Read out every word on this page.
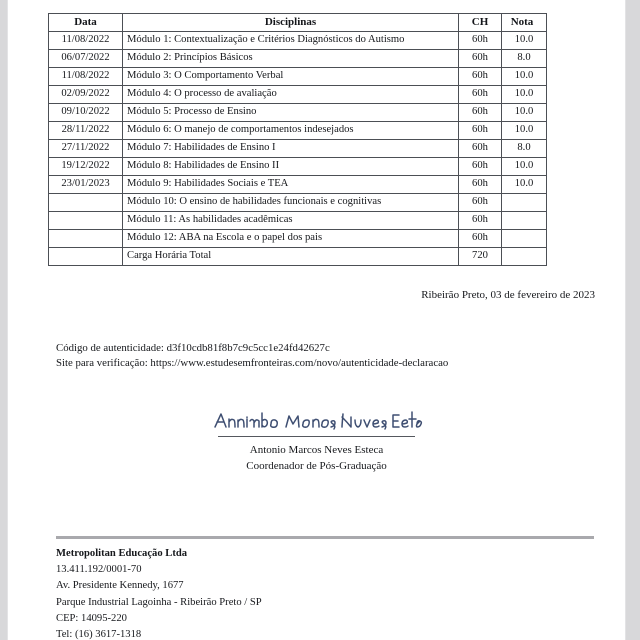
Data	Disciplinas	CH	Nota
11/08/2022	Módulo 1: Contextualização e Critérios Diagnósticos do Autismo	60h	10.0
06/07/2022	Módulo 2: Princípios Básicos	60h	8.0
11/08/2022	Módulo 3: O Comportamento Verbal	60h	10.0
02/09/2022	Módulo 4: O processo de avaliação	60h	10.0
09/10/2022	Módulo 5: Processo de Ensino	60h	10.0
28/11/2022	Módulo 6: O manejo de comportamentos indesejados	60h	10.0
27/11/2022	Módulo 7: Habilidades de Ensino I	60h	8.0
19/12/2022	Módulo 8: Habilidades de Ensino II	60h	10.0
23/01/2023	Módulo 9: Habilidades Sociais e TEA	60h	10.0
	Módulo 10: O ensino de habilidades funcionais e cognitivas	60h	
	Módulo 11: As habilidades acadêmicas	60h	
	Módulo 12: ABA na Escola e o papel dos pais	60h	
	Carga Horária Total	720	
Ribeirão Preto, 03 de fevereiro de 2023
Código de autenticidade: d3f10cdb81f8b7c9c5cc1e24fd42627c
Site para verificação: https://www.estudesemfronteiras.com/novo/autenticidade-declaracao
Antonio Marcos Neves Esteca
Coordenador de Pós-Graduação
Metropolitan Educação Ltda
13.411.192/0001-70
Av. Presidente Kennedy, 1677
Parque Industrial Lagoinha - Ribeirão Preto / SP
CEP: 14095-220
Tel: (16) 3617-1318
